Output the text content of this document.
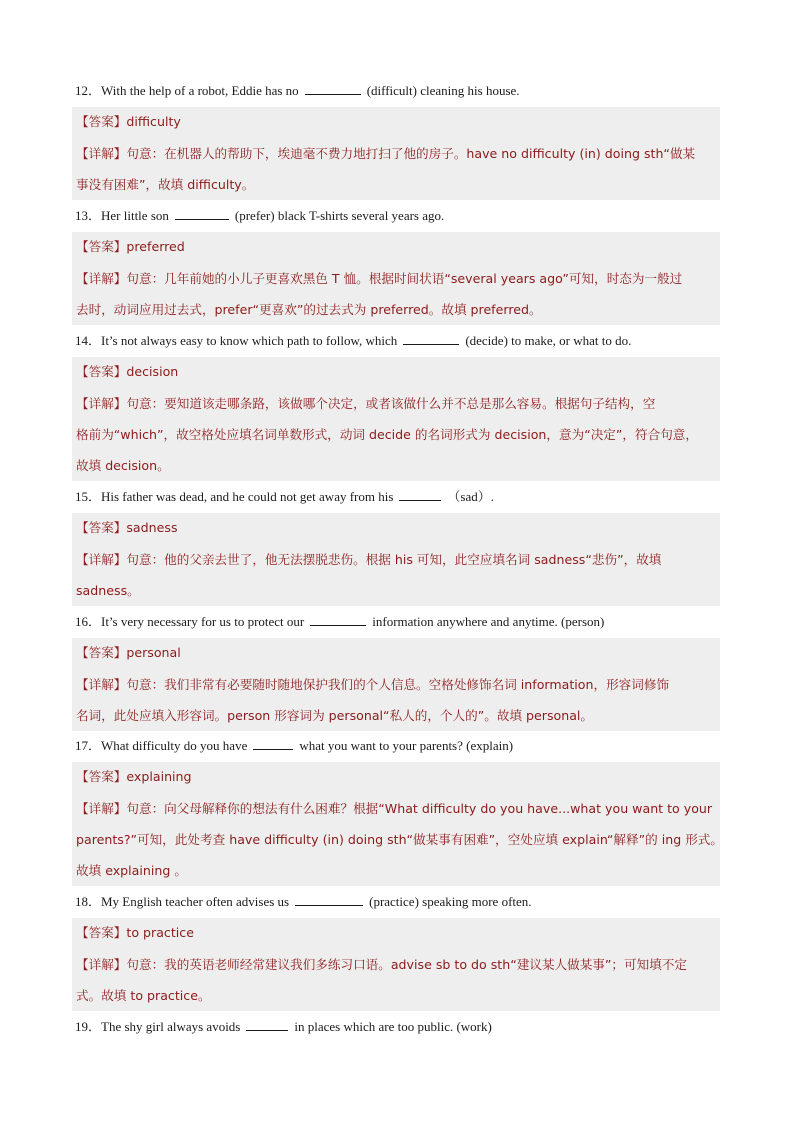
12．With the help of a robot, Eddie has no	(difficult) cleaning his house.
【答案】difficulty
【详解】句意：在机器人的帮助下，埃迪毫不费力地打扫了他的房子。have no difficulty (in) doing sth“做某
事没有困难”，故填 difficulty。
13．Her little son	(prefer) black T-shirts several years ago.
【答案】preferred
【详解】句意：几年前她的小儿子更喜欢黑色 T 恤。根据时间状语“several years ago”可知，时态为一般过
去时，动词应用过去式，prefer“更喜欢”的过去式为 preferred。故填 preferred。
14．It’s not always easy to know which path to follow, which	(decide) to make, or what to do.
【答案】decision
【详解】句意：要知道该走哪条路，该做哪个决定，或者该做什么并不总是那么容易。根据句子结构，空
格前为“which”，故空格处应填名词单数形式，动词 decide 的名词形式为 decision，意为“决定”，符合句意，
故填 decision。
15．His father was dead, and he could not get away from his	（sad）.
【答案】sadness
【详解】句意：他的父亲去世了，他无法摆脱悲伤。根据 his 可知，此空应填名词 sadness“悲伤”，故填
sadness。
16．It’s very necessary for us to protect our	information anywhere and anytime. (person)
【答案】personal
【详解】句意：我们非常有必要随时随地保护我们的个人信息。空格处修饰名词 information，形容词修饰
名词，此处应填入形容词。person 形容词为 personal“私人的，个人的”。故填 personal。
17．What difficulty do you have	what you want to your parents? (explain)
【答案】explaining
【详解】句意：向父母解释你的想法有什么困难？根据“What difficulty do you have...what you want to your
parents?”可知，此处考查 have difficulty (in) doing sth“做某事有困难”，空处应填 explain“解释”的 ing 形式。
故填 explaining 。
18．My English teacher often advises us	(practice) speaking more often.
【答案】to practice
【详解】句意：我的英语老师经常建议我们多练习口语。advise sb to do sth“建议某人做某事”；可知填不定
式。故填 to practice。
19．The shy girl always avoids	in places which are too public. (work)
